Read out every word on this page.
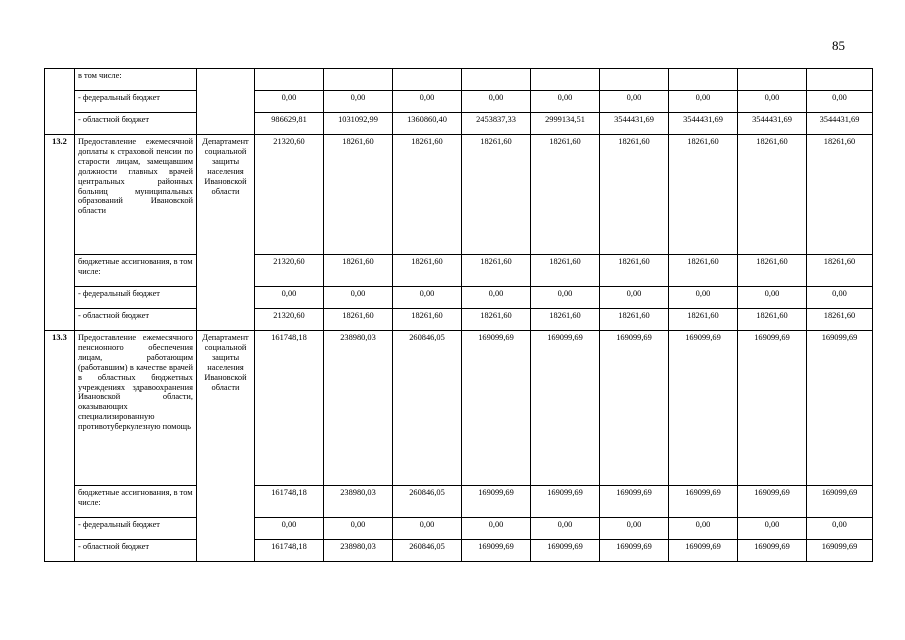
85
	в том числе:										
	- федеральный бюджет		0,00	0,00	0,00	0,00	0,00	0,00	0,00	0,00	0,00
	- областной бюджет		986629,81	1031092,99	1360860,40	2453837,33	2999134,51	3544431,69	3544431,69	3544431,69	3544431,69
13.2	Предоставление ежемесячной доплаты к страховой пенсии по старости лицам, замещавшим должности главных врачей центральных районных больниц муниципальных образований Ивановской области	Департамент социальной защиты населения Ивановской области	21320,60	18261,60	18261,60	18261,60	18261,60	18261,60	18261,60	18261,60	18261,60
	бюджетные ассигнования, в том числе:		21320,60	18261,60	18261,60	18261,60	18261,60	18261,60	18261,60	18261,60	18261,60
	- федеральный бюджет		0,00	0,00	0,00	0,00	0,00	0,00	0,00	0,00	0,00
	- областной бюджет		21320,60	18261,60	18261,60	18261,60	18261,60	18261,60	18261,60	18261,60	18261,60
13.3	Предоставление ежемесячного пенсионного обеспечения лицам, работающим (работавшим) в качестве врачей в областных бюджетных учреждениях здравоохранения Ивановской области, оказывающих специализированную противотуберкулезную помощь	Департамент социальной защиты населения Ивановской области	161748,18	238980,03	260846,05	169099,69	169099,69	169099,69	169099,69	169099,69	169099,69
	бюджетные ассигнования, в том числе:		161748,18	238980,03	260846,05	169099,69	169099,69	169099,69	169099,69	169099,69	169099,69
	- федеральный бюджет		0,00	0,00	0,00	0,00	0,00	0,00	0,00	0,00	0,00
	- областной бюджет		161748,18	238980,03	260846,05	169099,69	169099,69	169099,69	169099,69	169099,69	169099,69
